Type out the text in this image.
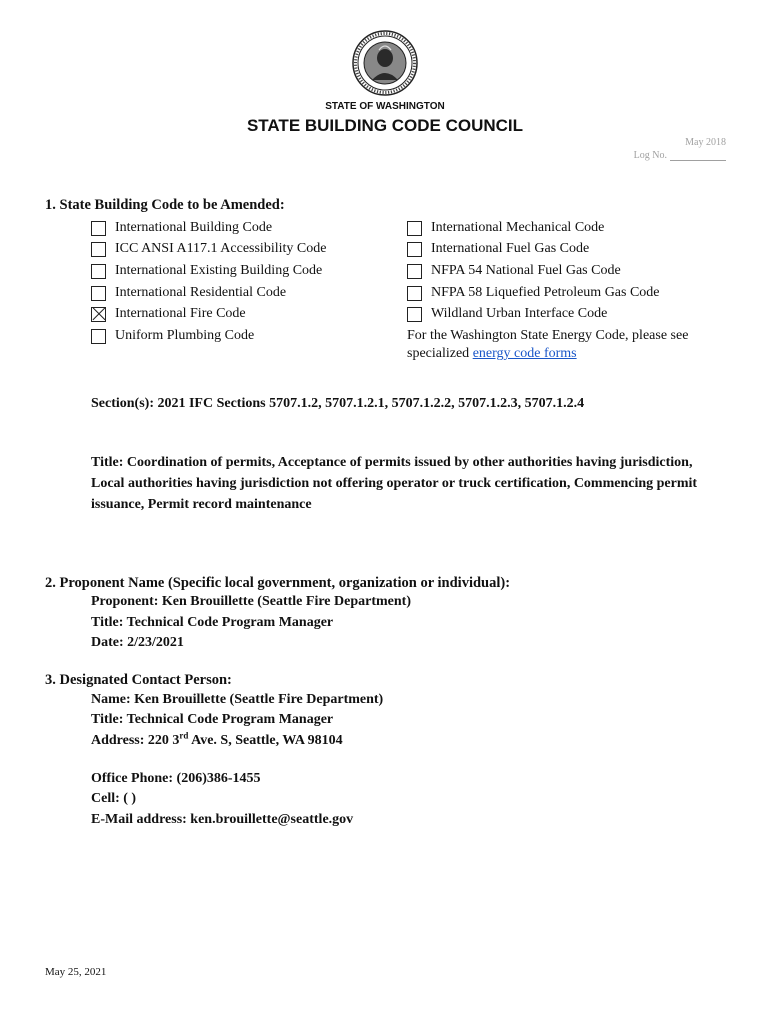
STATE OF WASHINGTON
STATE BUILDING CODE COUNCIL
May 2018
Log No.
1. State Building Code to be Amended:
International Building Code
ICC ANSI A117.1 Accessibility Code
International Existing Building Code
International Residential Code
International Fire Code
Uniform Plumbing Code
International Mechanical Code
International Fuel Gas Code
NFPA 54 National Fuel Gas Code
NFPA 58 Liquefied Petroleum Gas Code
Wildland Urban Interface Code
For the Washington State Energy Code, please see specialized energy code forms
Section(s): 2021 IFC Sections 5707.1.2, 5707.1.2.1, 5707.1.2.2, 5707.1.2.3, 5707.1.2.4
Title: Coordination of permits, Acceptance of permits issued by other authorities having jurisdiction, Local authorities having jurisdiction not offering operator or truck certification, Commencing permit issuance, Permit record maintenance
2. Proponent Name (Specific local government, organization or individual):
Proponent: Ken Brouillette (Seattle Fire Department)
Title: Technical Code Program Manager
Date: 2/23/2021
3. Designated Contact Person:
Name: Ken Brouillette (Seattle Fire Department)
Title: Technical Code Program Manager
Address: 220 3rd Ave. S, Seattle, WA 98104
Office Phone: (206)386-1455
Cell: ( )
E-Mail address: ken.brouillette@seattle.gov
May 25, 2021
